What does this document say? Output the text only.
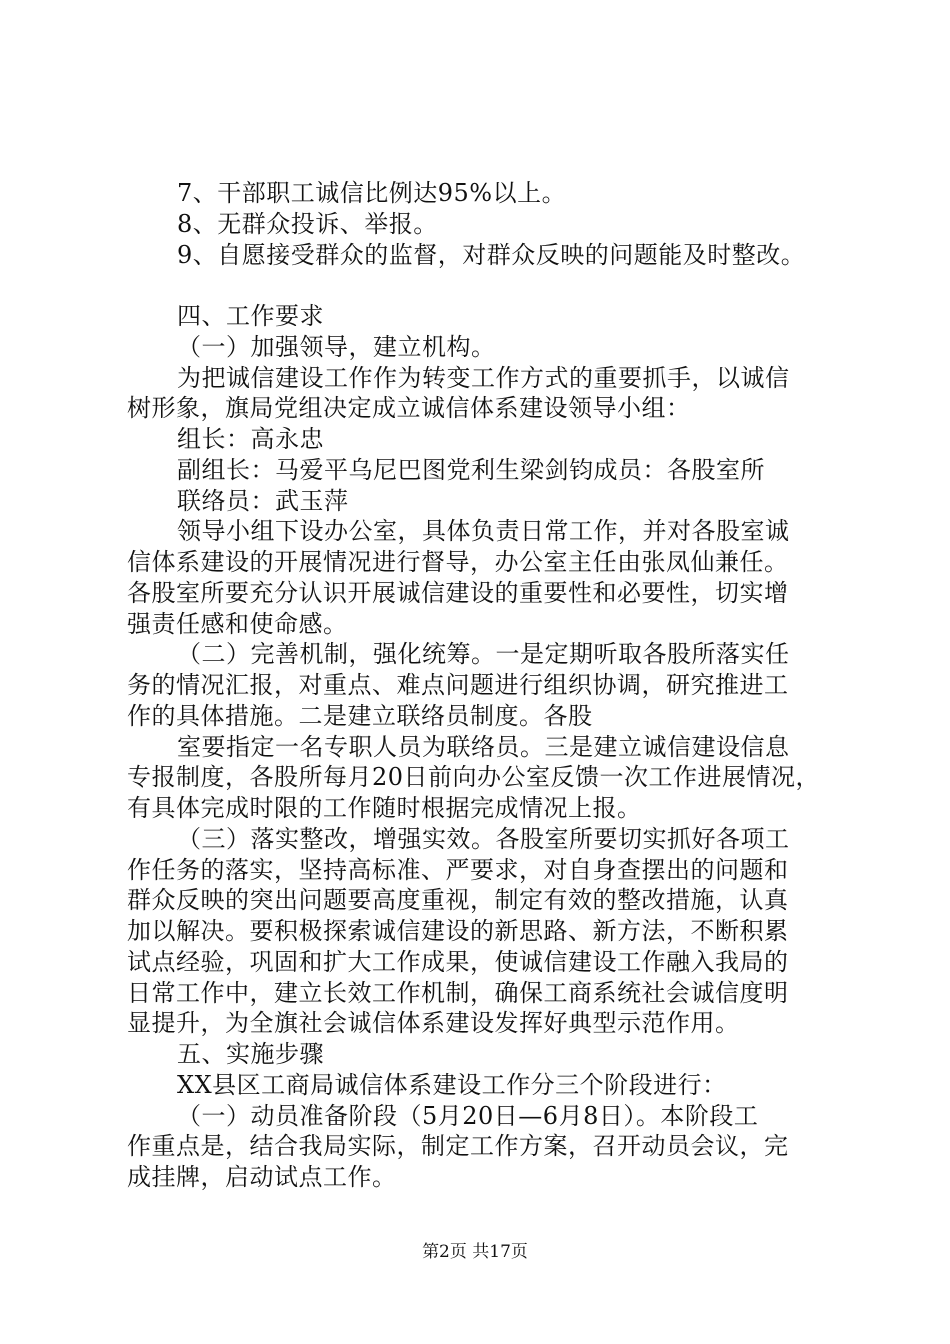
7、干部职工诚信比例达95%以上。
8、无群众投诉、举报。
9、自愿接受群众的监督，对群众反映的问题能及时整改。
四、工作要求
（一）加强领导，建立机构。
为把诚信建设工作作为转变工作方式的重要抓手，以诚信
树形象，旗局党组决定成立诚信体系建设领导小组：
组长：高永忠
副组长：马爱平乌尼巴图党利生梁剑钧成员：各股室所
联络员：武玉萍
领导小组下设办公室，具体负责日常工作，并对各股室诚
信体系建设的开展情况进行督导，办公室主任由张凤仙兼任。
各股室所要充分认识开展诚信建设的重要性和必要性，切实增
强责任感和使命感。
（二）完善机制，强化统筹。一是定期听取各股所落实任
务的情况汇报，对重点、难点问题进行组织协调，研究推进工
作的具体措施。二是建立联络员制度。各股
室要指定一名专职人员为联络员。三是建立诚信建设信息
专报制度，各股所每月20日前向办公室反馈一次工作进展情况，
有具体完成时限的工作随时根据完成情况上报。
（三）落实整改，增强实效。各股室所要切实抓好各项工
作任务的落实，坚持高标准、严要求，对自身查摆出的问题和
群众反映的突出问题要高度重视，制定有效的整改措施，认真
加以解决。要积极探索诚信建设的新思路、新方法，不断积累
试点经验，巩固和扩大工作成果，使诚信建设工作融入我局的
日常工作中，建立长效工作机制，确保工商系统社会诚信度明
显提升，为全旗社会诚信体系建设发挥好典型示范作用。
五、实施步骤
XX县区工商局诚信体系建设工作分三个阶段进行：
（一）动员准备阶段（5月20日—6月8日）。本阶段工
作重点是，结合我局实际，制定工作方案，召开动员会议，完
成挂牌，启动试点工作。
第2页 共17页
